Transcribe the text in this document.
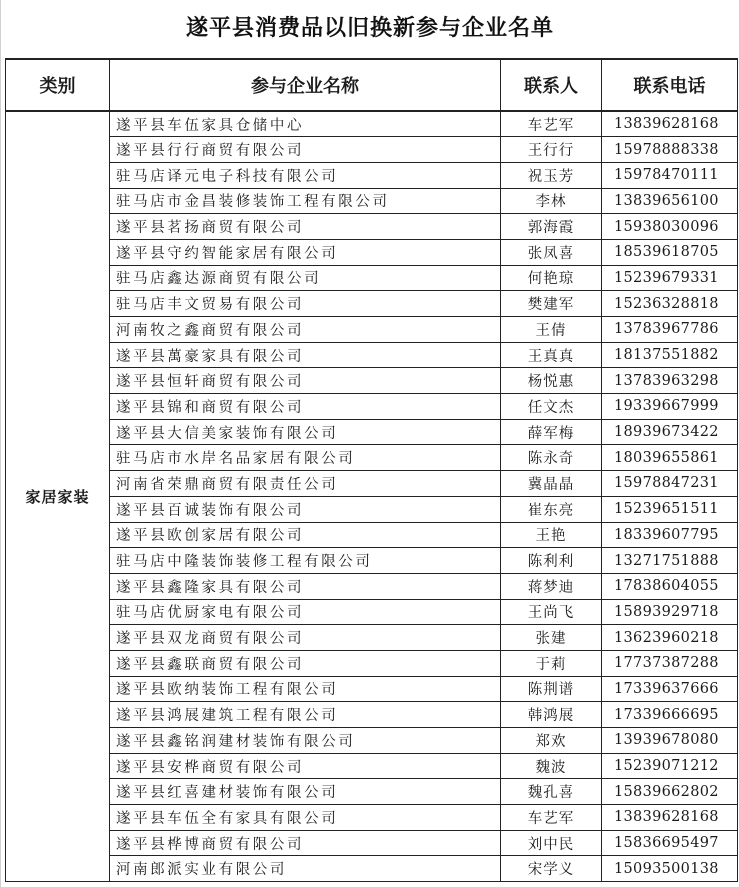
遂平县消费品以旧换新参与企业名单
类别	参与企业名称	联系人	联系电话
家居家装	遂平县车伍家具仓储中心	车艺军	13839628168
	遂平县行行商贸有限公司	王行行	15978888338
	驻马店译元电子科技有限公司	祝玉芳	15978470111
	驻马店市金昌装修装饰工程有限公司	李林	13839656100
	遂平县茗扬商贸有限公司	郭海霞	15938030096
	遂平县守约智能家居有限公司	张凤喜	18539618705
	驻马店鑫达源商贸有限公司	何艳琼	15239679331
	驻马店丰文贸易有限公司	樊建军	15236328818
	河南牧之鑫商贸有限公司	王倩	13783967786
	遂平县萬豪家具有限公司	王真真	18137551882
	遂平县恒轩商贸有限公司	杨悦惠	13783963298
	遂平县锦和商贸有限公司	任文杰	19339667999
	遂平县大信美家装饰有限公司	薛军梅	18939673422
	驻马店市水岸名品家居有限公司	陈永奇	18039655861
	河南省荣鼎商贸有限责任公司	冀晶晶	15978847231
	遂平县百诚装饰有限公司	崔东亮	15239651511
	遂平县欧创家居有限公司	王艳	18339607795
	驻马店中隆装饰装修工程有限公司	陈利利	13271751888
	遂平县鑫隆家具有限公司	蒋梦迪	17838604055
	驻马店优厨家电有限公司	王尚飞	15893929718
	遂平县双龙商贸有限公司	张建	13623960218
	遂平县鑫联商贸有限公司	于莉	17737387288
	遂平县欧纳装饰工程有限公司	陈荆谱	17339637666
	遂平县鸿展建筑工程有限公司	韩鸿展	17339666695
	遂平县鑫铭润建材装饰有限公司	郑欢	13939678080
	遂平县安桦商贸有限公司	魏波	15239071212
	遂平县红喜建材装饰有限公司	魏孔喜	15839662802
	遂平县车伍全有家具有限公司	车艺军	13839628168
	遂平县桦博商贸有限公司	刘中民	15836695497
	河南郎派实业有限公司	宋学义	15093500138
